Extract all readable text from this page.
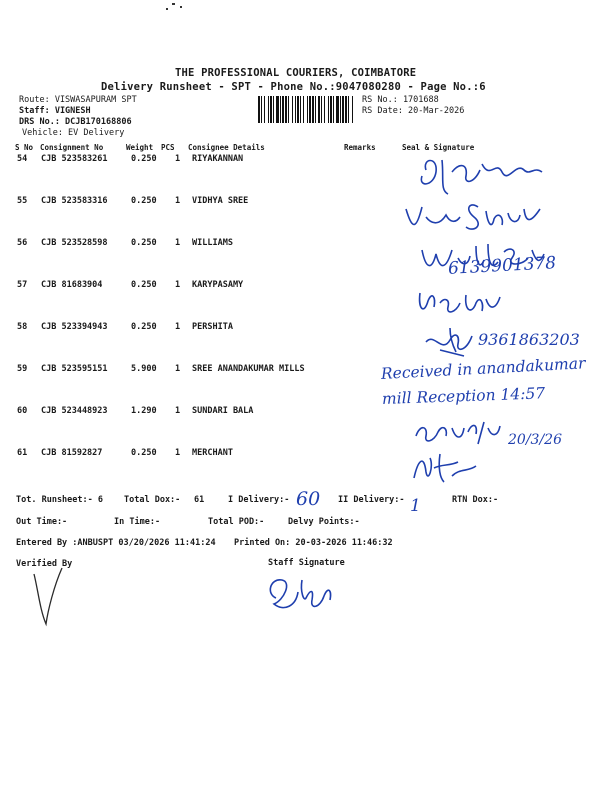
THE PROFESSIONAL COURIERS, COIMBATORE
Delivery Runsheet - SPT - Phone No.:9047080280 - Page No.:6
Route: VISWASAPURAM SPT
Staff: VIGNESH
DRS No.: DCJB170168806
Vehicle: EV Delivery
RS No.: 1701688
RS Date: 20-Mar-2026
S No Consignment No	Weight PCS Consignee Details	Remarks	Seal & Signature
54 CJB 523583261	0.250 1 RIYAKANNAN
55 CJB 523583316	0.250 1 VIDHYA SREE
56 CJB 523528598	0.250 1 WILLIAMS
57 CJB 81683904	0.250 1 KARYPASAMY
58 CJB 523394943	0.250 1 PERSHITA
59 CJB 523595151	5.900 1 SREE ANANDAKUMAR MILLS
60 CJB 523448923	1.290 1 SUNDARI BALA
61 CJB 81592827	0.250 1 MERCHANT
6139901378
9361863203
Received in anandakumar
mill Reception 14:57
20/3/26
Tot. Runsheet:- 6 Total Dox:- 61	I Delivery:- 60 II Delivery:- 1	RTN Dox:-
Out Time:-	In Time:-	Total POD:-	Delvy Points:-
Entered By :ANBUSPT 03/20/2026 11:41:24 Printed On: 20-03-2026 11:46:32
Verified By	Staff Signature
